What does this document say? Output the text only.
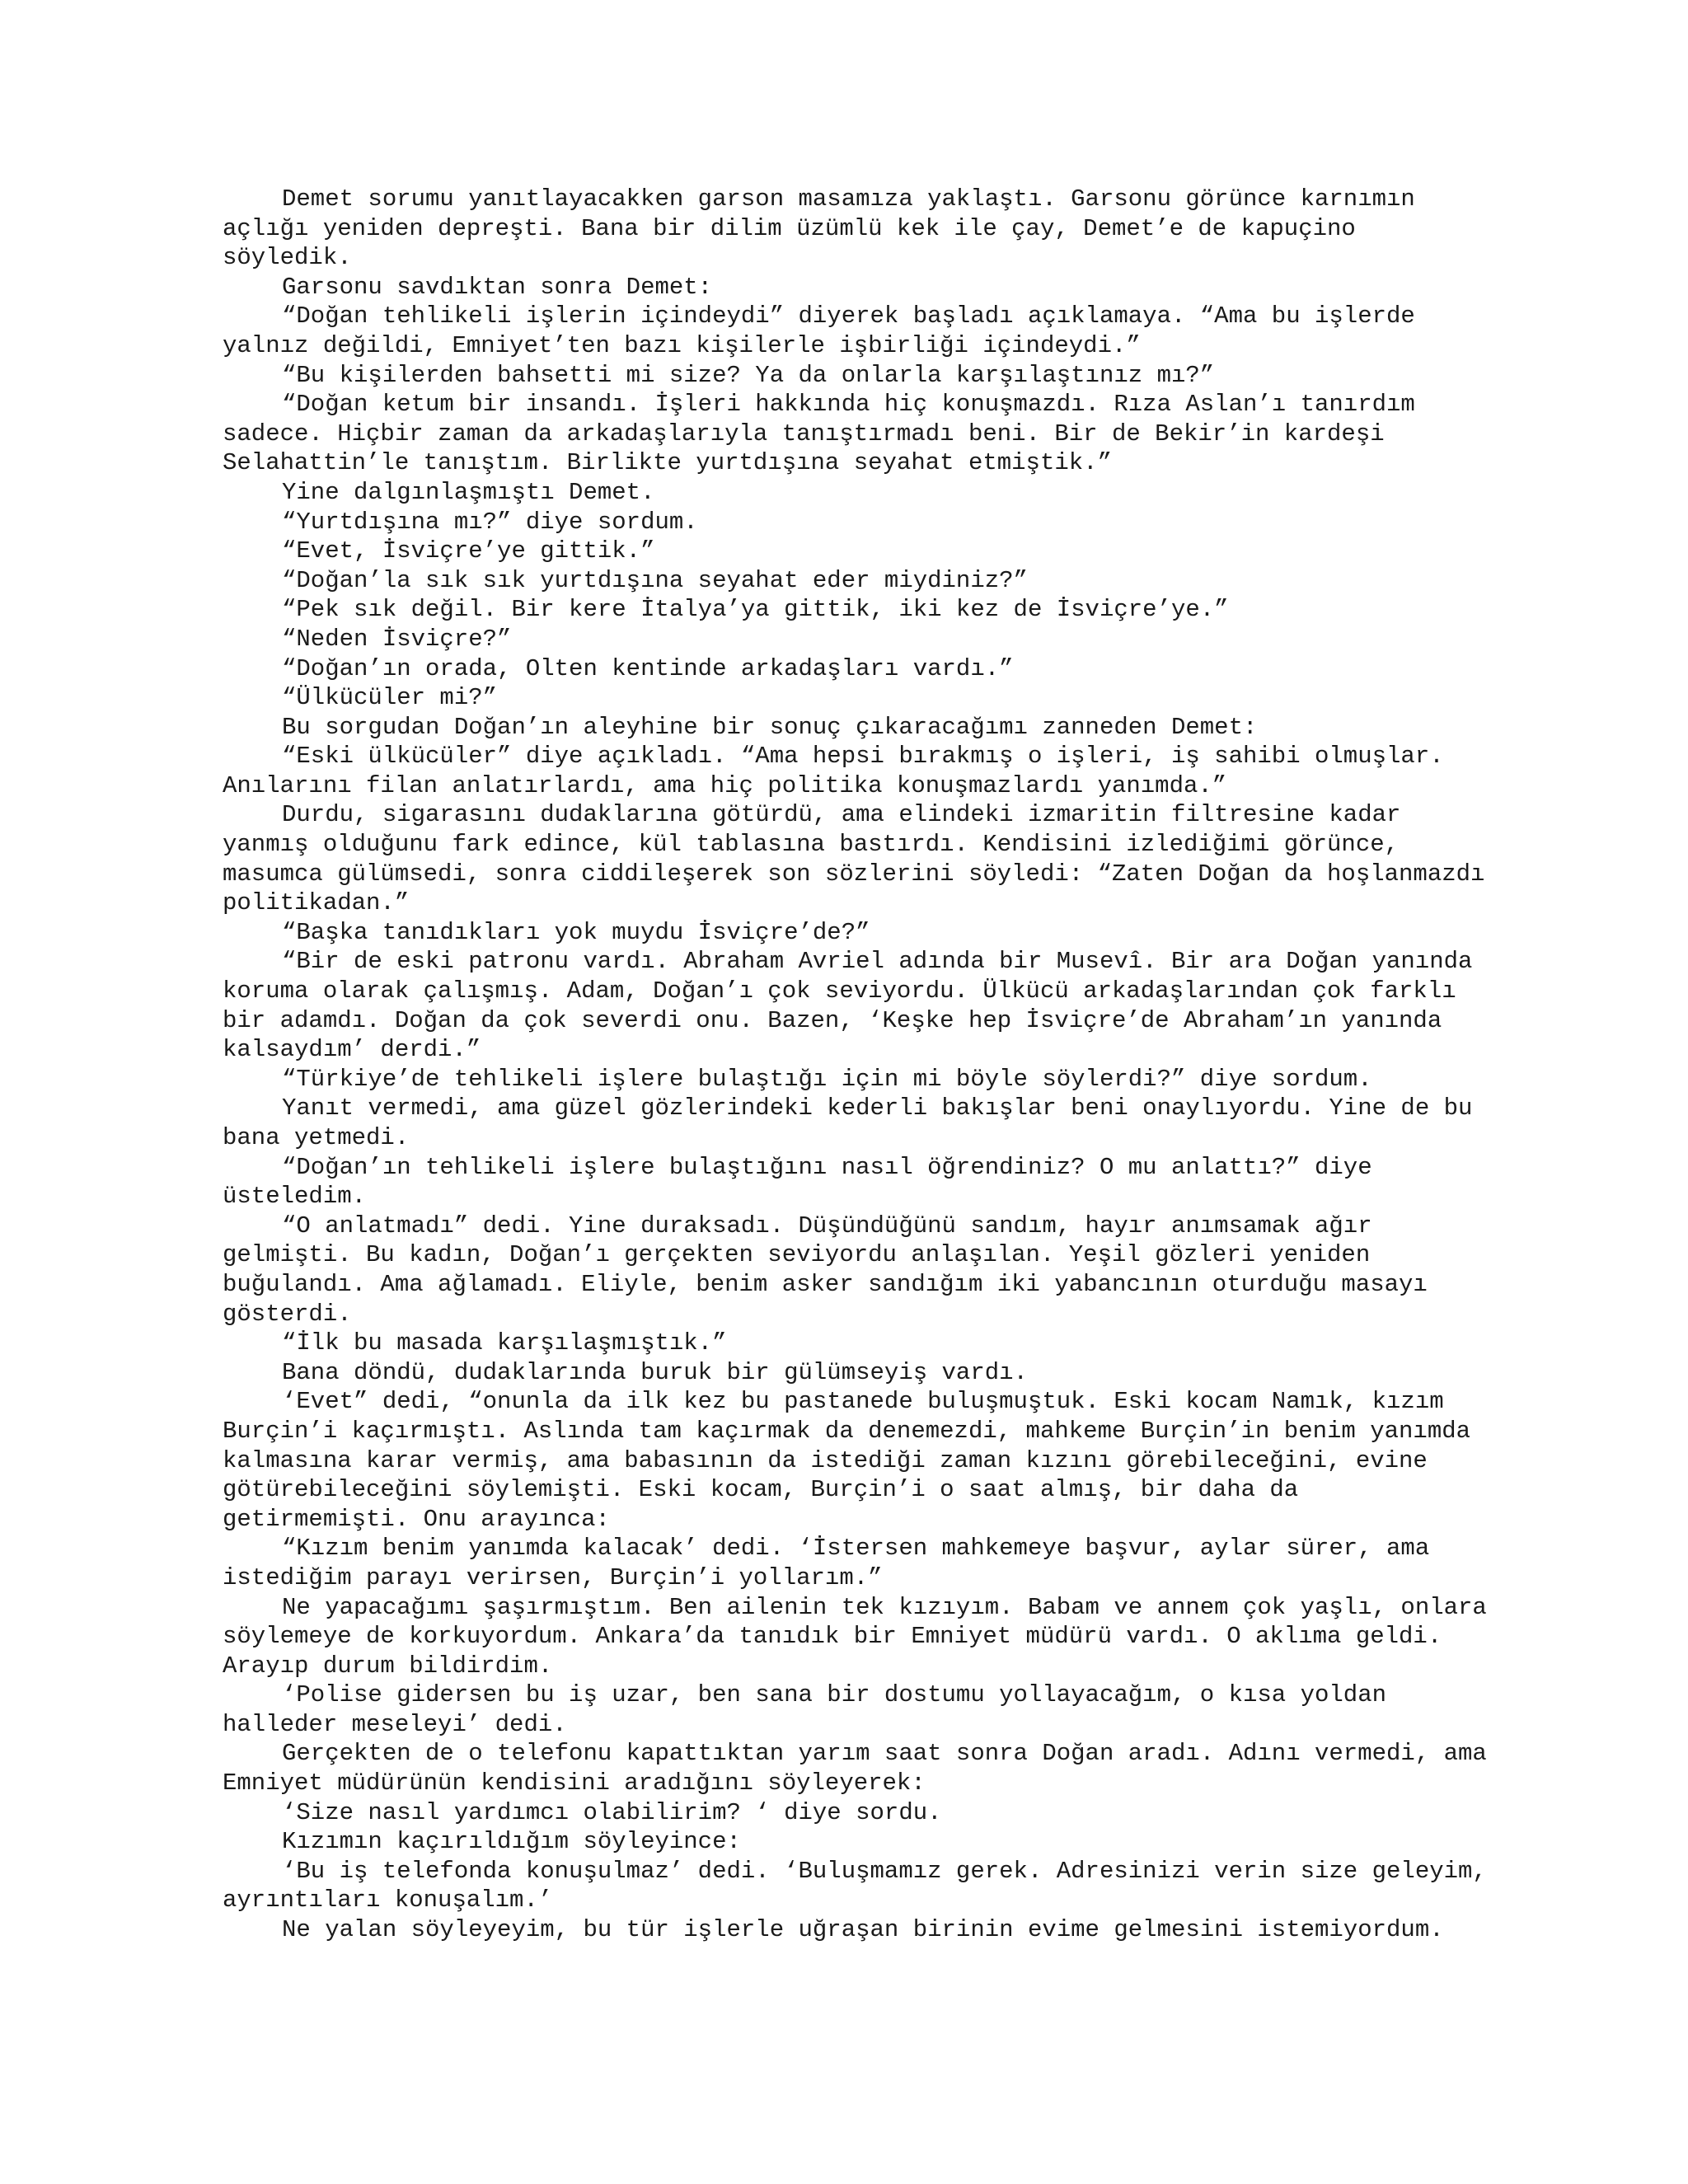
Demet sorumu yanıtlayacakken garson masamıza yaklaştı. Garsonu görünce karnımın açlığı yeniden depreşti. Bana bir dilim üzümlü kek ile çay, Demet’e de kapuçino söyledik.

Garsonu savdıktan sonra Demet:

“Doğan tehlikeli işlerin içindeydi” diyerek başladı açıklamaya. “Ama bu işlerde yalnız değildi, Emniyet’ten bazı kişilerle işbirliği içindeydi.”

“Bu kişilerden bahsetti mi size? Ya da onlarla karşılaştınız mı?”

“Doğan ketum bir insandı. İşleri hakkında hiç konuşmazdı. Rıza Aslan’ı tanırdım sadece. Hiçbir zaman da arkadaşlarıyla tanıştırmadı beni. Bir de Bekir’in kardeşi Selahattin’le tanıştım. Birlikte yurtdışına seyahat etmiştik.”

Yine dalgınlaşmıştı Demet.

“Yurtdışına mı?” diye sordum.

“Evet, İsviçre’ye gittik.”

“Doğan’la sık sık yurtdışına seyahat eder miydiniz?”

“Pek sık değil. Bir kere İtalya’ya gittik, iki kez de İsviçre’ye.”

“Neden İsviçre?”

“Doğan’ın orada, Olten kentinde arkadaşları vardı.”

“Ülkücüler mi?”

Bu sorgudan Doğan’ın aleyhine bir sonuç çıkaracağımı zanneden Demet:

“Eski ülkücüler” diye açıkladı. “Ama hepsi bırakmış o işleri, iş sahibi olmuşlar. Anılarını filan anlatırlardı, ama hiç politika konuşmazlardı yanımda.”

Durdu, sigarasını dudaklarına götürdü, ama elindeki izmaritin filtresine kadar yanmış olduğunu fark edince, kül tablasına bastırdı. Kendisini izlediğimi görünce, masumca gülümsedi, sonra ciddileşerek son sözlerini söyledi: “Zaten Doğan da hoşlanmazdı politikadan.”

“Başka tanıdıkları yok muydu İsviçre’de?”

“Bir de eski patronu vardı. Abraham Avriel adında bir Musevî. Bir ara Doğan yanında koruma olarak çalışmış. Adam, Doğan’ı çok seviyordu. Ülkücü arkadaşlarından çok farklı bir adamdı. Doğan da çok severdi onu. Bazen, ‘Keşke hep İsviçre’de Abraham’ın yanında kalsaydım’ derdi.”

“Türkiye’de tehlikeli işlere bulaştığı için mi böyle söylerdi?” diye sordum.

Yanıt vermedi, ama güzel gözlerindeki kederli bakışlar beni onaylıyordu. Yine de bu bana yetmedi.

“Doğan’ın tehlikeli işlere bulaştığını nasıl öğrendiniz? O mu anlattı?” diye üsteledim.

“O anlatmadı” dedi. Yine duraksadı. Düşündüğünü sandım, hayır anımsamak ağır gelmişti. Bu kadın, Doğan’ı gerçekten seviyordu anlaşılan. Yeşil gözleri yeniden buğulandı. Ama ağlamadı. Eliyle, benim asker sandığım iki yabancının oturduğu masayı gösterdi.

“İlk bu masada karşılaşmıştık.”

Bana döndü, dudaklarında buruk bir gülümseyiş vardı.

‘Evet” dedi, “onunla da ilk kez bu pastanede buluşmuştuk. Eski kocam Namık, kızım Burçin’i kaçırmıştı. Aslında tam kaçırmak da denemezdi, mahkeme Burçin’in benim yanımda kalmasına karar vermiş, ama babasının da istediği zaman kızını görebileceğini, evine götürebileceğini söylemişti. Eski kocam, Burçin’i o saat almış, bir daha da getirmemişti. Onu arayınca:

“Kızım benim yanımda kalacak’ dedi. ‘İstersen mahkemeye başvur, aylar sürer, ama istediğim parayı verirsen, Burçin’i yollarım.”

Ne yapacağımı şaşırmıştım. Ben ailenin tek kızıyım. Babam ve annem çok yaşlı, onlara söylemeye de korkuyordum. Ankara’da tanıdık bir Emniyet müdürü vardı. O aklıma geldi. Arayıp durum bildirdim.

‘Polise gidersen bu iş uzar, ben sana bir dostumu yollayacağım, o kısa yoldan halleder meseleyi’ dedi.

Gerçekten de o telefonu kapattıktan yarım saat sonra Doğan aradı. Adını vermedi, ama Emniyet müdürünün kendisini aradığını söyleyerek:

‘Size nasıl yardımcı olabilirim? ‘ diye sordu.

Kızımın kaçırıldığım söyleyince:

‘Bu iş telefonda konuşulmaz’ dedi. ‘Buluşmamız gerek. Adresinizi verin size geleyim, ayrıntıları konuşalım.’

Ne yalan söyleyeyim, bu tür işlerle uğraşan birinin evime gelmesini istemiyordum.
